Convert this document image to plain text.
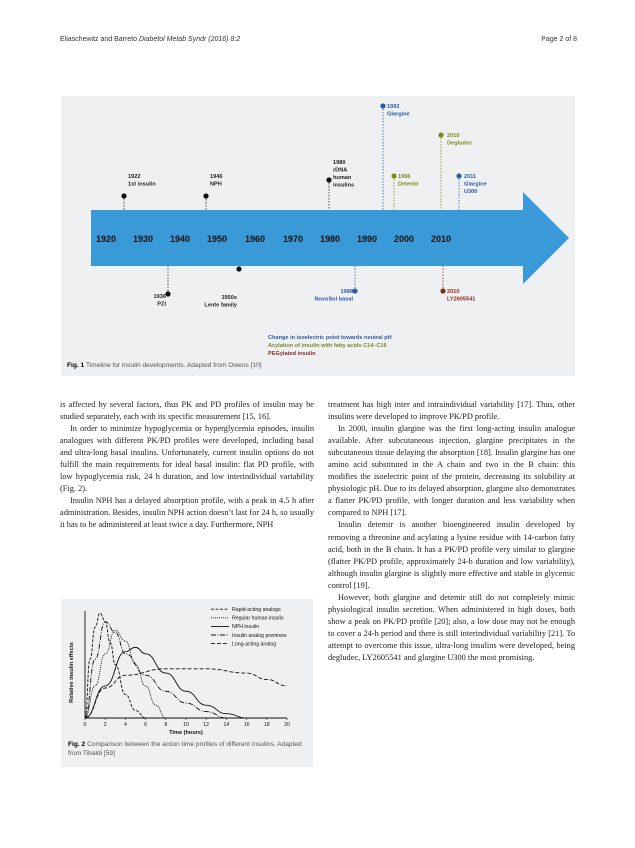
Eliaschewitz and Barreto Diabetol Metab Syndr (2016) 8:2	Page 2 of 8
1920 1930 1940 1950 1960 1970 1980 1990 2000 2010
1922
1st insulin
1946
NPH
1980
rDNA
human
insulins
1992
Glargine
1996
Detemir
2010
Degludec
2011
Glargine
U300
1936
PZI
1950s
Lente family
1988
NovoSol basal
2010
LY2605541
Change in isoelectric point towards neutral pH
Acylation of insulin with fatty acids C14–C16
PEGylated insulin
Fig. 1 Timeline for insulin developments. Adapted from Owens [10]

is affected by several factors, thus PK and PD profiles of insulin may be studied separately, each with its specific measurement [15, 16].

In order to minimize hypoglycemia or hyperglycemia episodes, insulin analogues with different PK/PD profiles were developed, including basal and ultra-long basal insulins. Unfortunately, current insulin options do not fulfill the main requirements for ideal basal insulin: flat PD profile, with low hypoglycemia risk, 24 h duration, and low interindividual variability (Fig. 2).

Insulin NPH has a delayed absorption profile, with a peak in 4.5 h after administration. Besides, insulin NPH action doesn’t last for 24 h, so usually it has to be administered at least twice a day. Furthermore, NPH

treatment has high inter and intraindividual variability [17]. Thus, other insulins were developed to improve PK/PD profile.

In 2000, insulin glargine was the first long-acting insulin analogue available. After subcutaneous injection, glargine precipitates in the subcutaneous tissue delaying the absorption [18]. Insulin glargine has one amino acid substituted in the A chain and two in the B chain: this modifies the isoelectric point of the protein, decreasing its solubility at physiologic pH. Due to its delayed absorption, glargine also demonstrates a flatter PK/PD profile, with longer duration and less variability when compared to NPH [17].

Insulin detemir is another bioengineered insulin developed by removing a threonine and acylating a lysine residue with 14-carbon fatty acid, both in the B chain. It has a PK/PD profile very similar to glargine (flatter PK/PD profile, approximately 24-h duration and low variability), although insulin glargine is slightly more effective and stable in glycemic control [19].

However, both glargine and detemir still do not completely mimic physiological insulin secretion. When administered in high doses, both show a peak on PK/PD profile [20]; also, a low dose may not be enough to cover a 24-h period and there is still interindividual variability [21]. To attempt to overcome this issue, ultra-long insulins were developed, being degludec, LY2605541 and glargine U300 the most promising.

0	2	4	6	8	10	12	14	16	18	20
Time (hours)
Relative insulin effects
Rapid-acting analogs
Regular human insulin
NPH insulin
Insulin analog premixes
Long-acting analog
Fig. 2 Comparison between the action time profiles of different insulins. Adapted from Tibaldi [59]
